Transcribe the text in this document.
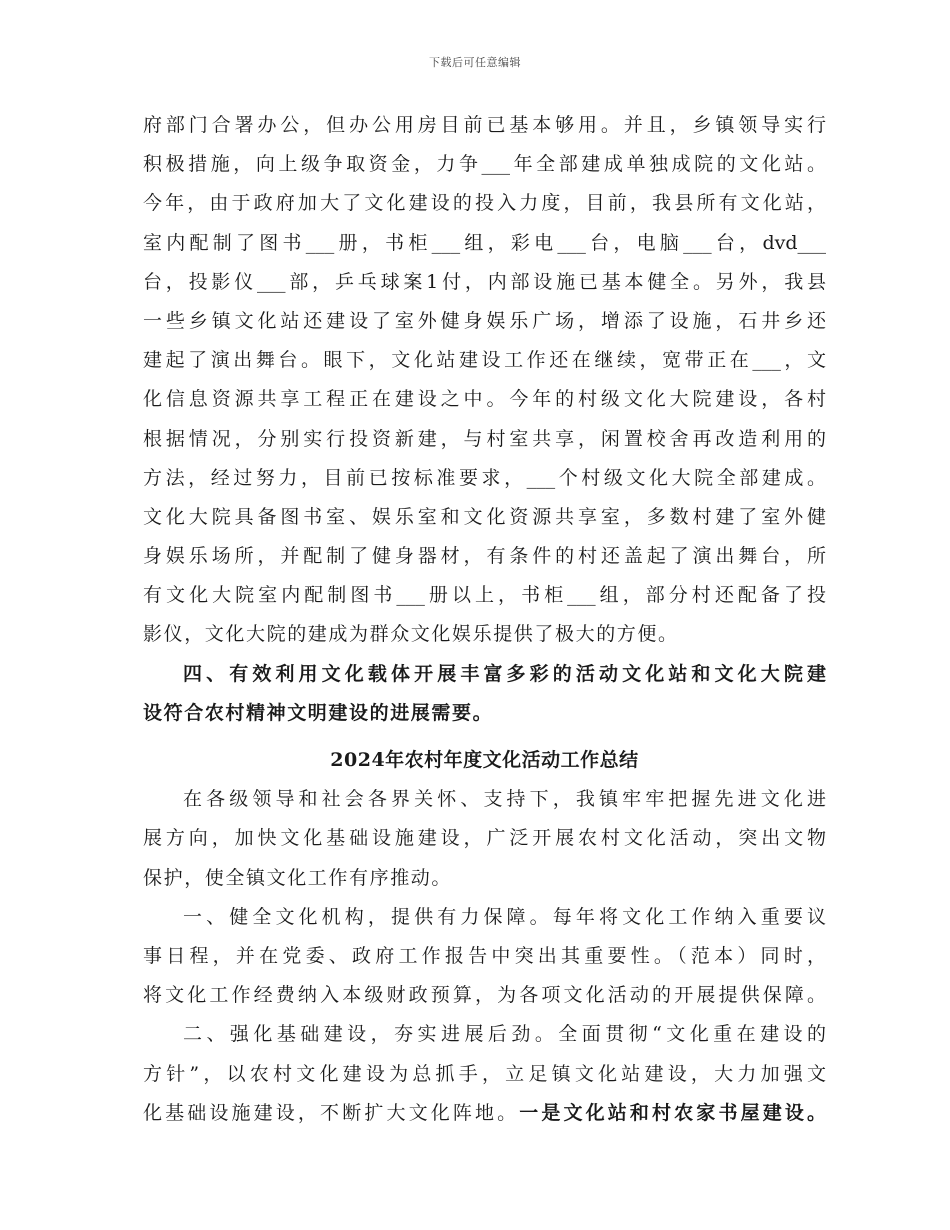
下载后可任意编辑
府部门合署办公，但办公用房目前已基本够用。并且，乡镇领导实行
积极措施，向上级争取资金，力争___年全部建成单独成院的文化站。
今年，由于政府加大了文化建设的投入力度，目前，我县所有文化站，
室内配制了图书___册，书柜___组，彩电___台，电脑___台，dvd___
台，投影仪___部，乒乓球案1付，内部设施已基本健全。另外，我县
一些乡镇文化站还建设了室外健身娱乐广场，增添了设施，石井乡还
建起了演出舞台。眼下，文化站建设工作还在继续，宽带正在___，文
化信息资源共享工程正在建设之中。今年的村级文化大院建设，各村
根据情况，分别实行投资新建，与村室共享，闲置校舍再改造利用的
方法，经过努力，目前已按标准要求，___个村级文化大院全部建成。
文化大院具备图书室、娱乐室和文化资源共享室，多数村建了室外健
身娱乐场所，并配制了健身器材，有条件的村还盖起了演出舞台，所
有文化大院室内配制图书___册以上，书柜___组，部分村还配备了投
影仪，文化大院的建成为群众文化娱乐提供了极大的方便。
四、有效利用文化载体开展丰富多彩的活动文化站和文化大院建
设符合农村精神文明建设的进展需要。
2024年农村年度文化活动工作总结
在各级领导和社会各界关怀、支持下，我镇牢牢把握先进文化进
展方向，加快文化基础设施建设，广泛开展农村文化活动，突出文物
保护，使全镇文化工作有序推动。
一、健全文化机构，提供有力保障。每年将文化工作纳入重要议
事日程，并在党委、政府工作报告中突出其重要性。（范本）同时，
将文化工作经费纳入本级财政预算，为各项文化活动的开展提供保障。
二、强化基础建设，夯实进展后劲。全面贯彻“文化重在建设的
方针”，以农村文化建设为总抓手，立足镇文化站建设，大力加强文
化基础设施建设，不断扩大文化阵地。一是文化站和村农家书屋建设。
